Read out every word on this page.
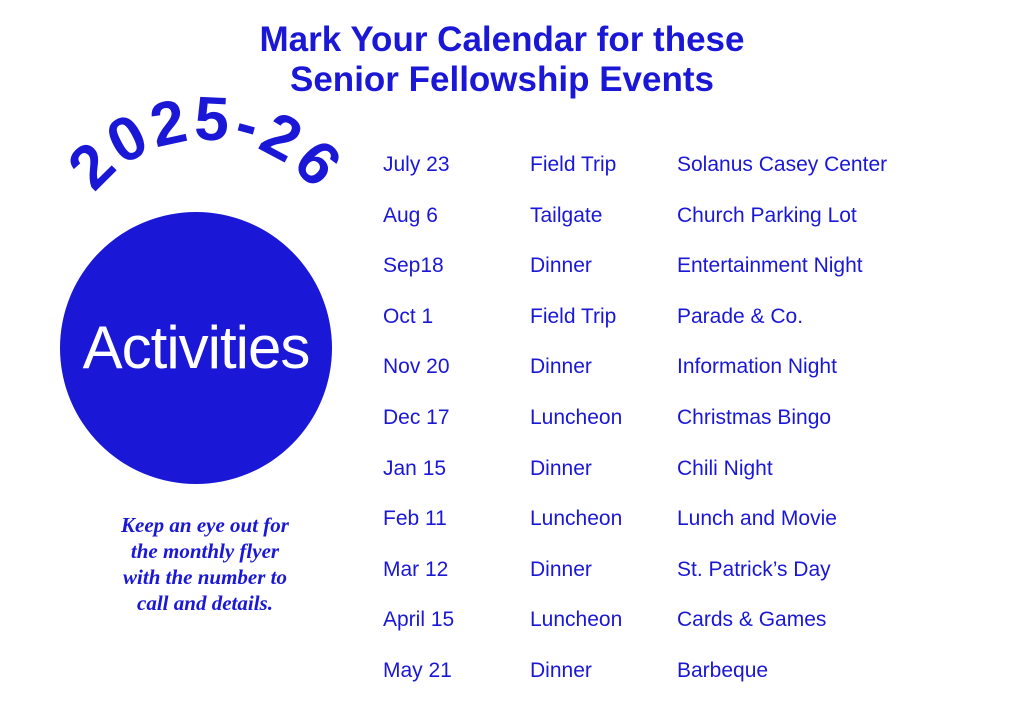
Mark Your Calendar for these
Senior Fellowship Events
2025-26
Activities
Keep an eye out for
the monthly flyer
with the number to
call and details.
July 23	Field Trip	Solanus Casey Center
Aug 6	Tailgate	Church Parking Lot
Sep18	Dinner	Entertainment Night
Oct 1	Field Trip	Parade & Co.
Nov 20	Dinner	Information Night
Dec 17	Luncheon	Christmas Bingo
Jan 15	Dinner	Chili Night
Feb 11	Luncheon	Lunch and Movie
Mar 12	Dinner	St. Patrick’s Day
April 15	Luncheon	Cards & Games
May 21	Dinner	Barbeque
